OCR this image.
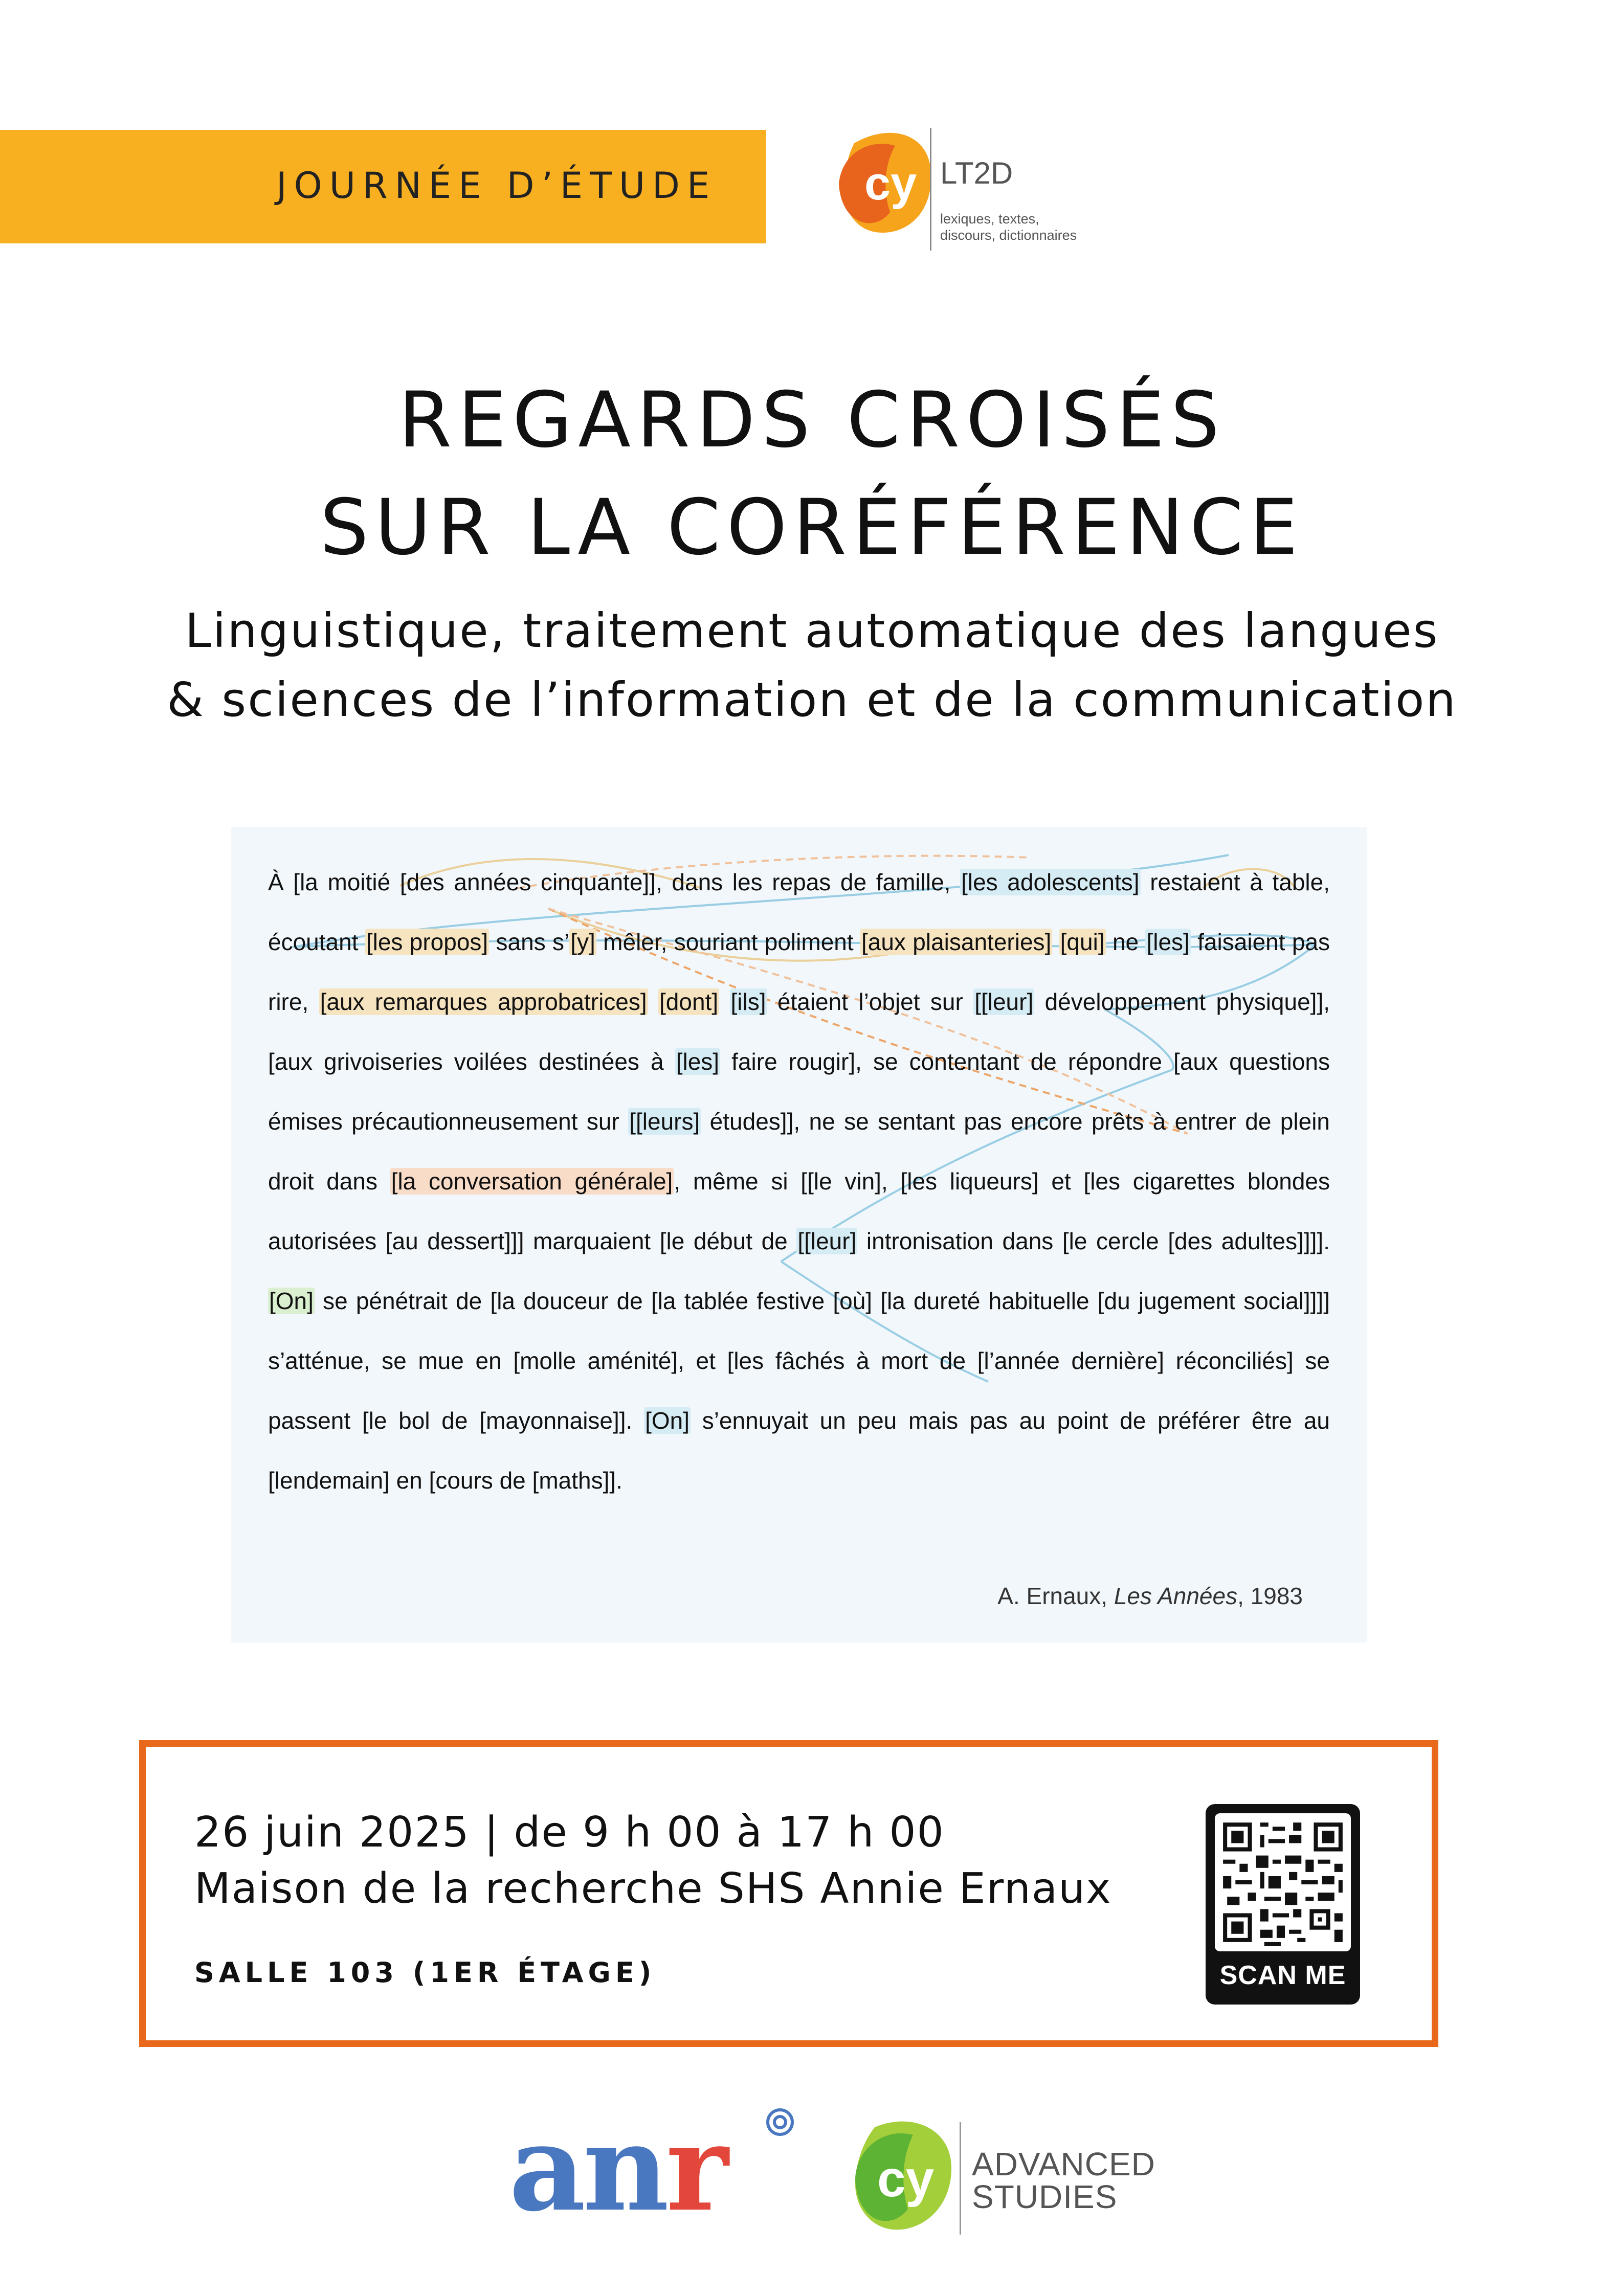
JOURNÉE D’ÉTUDE	cy LT2D
lexiques, textes,
discours, dictionnaires
REGARDS CROISÉS
SUR LA CORÉFÉRENCE
Linguistique, traitement automatique des langues
& sciences de l’information et de la communication
À [la moitié [des années cinquante]], dans les repas de famille, [les adolescents] restaient à table, écoutant [les propos] sans s’[y] mêler, souriant poliment [aux plaisanteries] [qui] ne [les] faisaient pas rire, [aux remarques approbatrices] [dont] [ils] étaient l’objet sur [[leur] développement physique]], [aux grivoiseries voilées destinées à [les] faire rougir], se contentant de répondre [aux questions émises précautionneusement sur [[leurs] études]], ne se sentant pas encore prêts à entrer de plein droit dans [la conversation générale], même si [[le vin], [les liqueurs] et [les cigarettes blondes autorisées [au dessert]]] marquaient [le début de [[leur] intronisation dans [le cercle [des adultes]]]]. [On] se pénétrait de [la douceur de [la tablée festive [où] [la dureté habituelle [du jugement social]]]] s’atténue, se mue en [molle aménité], et [les fâchés à mort de [l’année dernière] réconciliés] se passent [le bol de [mayonnaise]]. [On] s’ennuyait un peu mais pas au point de préférer être au [lendemain] en [cours de [maths]].
A. Ernaux, Les Années, 1983
26 juin 2025 | de 9 h 00 à 17 h 00
Maison de la recherche SHS Annie Ernaux
SALLE 103 (1ER ÉTAGE)	SCAN ME
anr	cy ADVANCED
STUDIES
